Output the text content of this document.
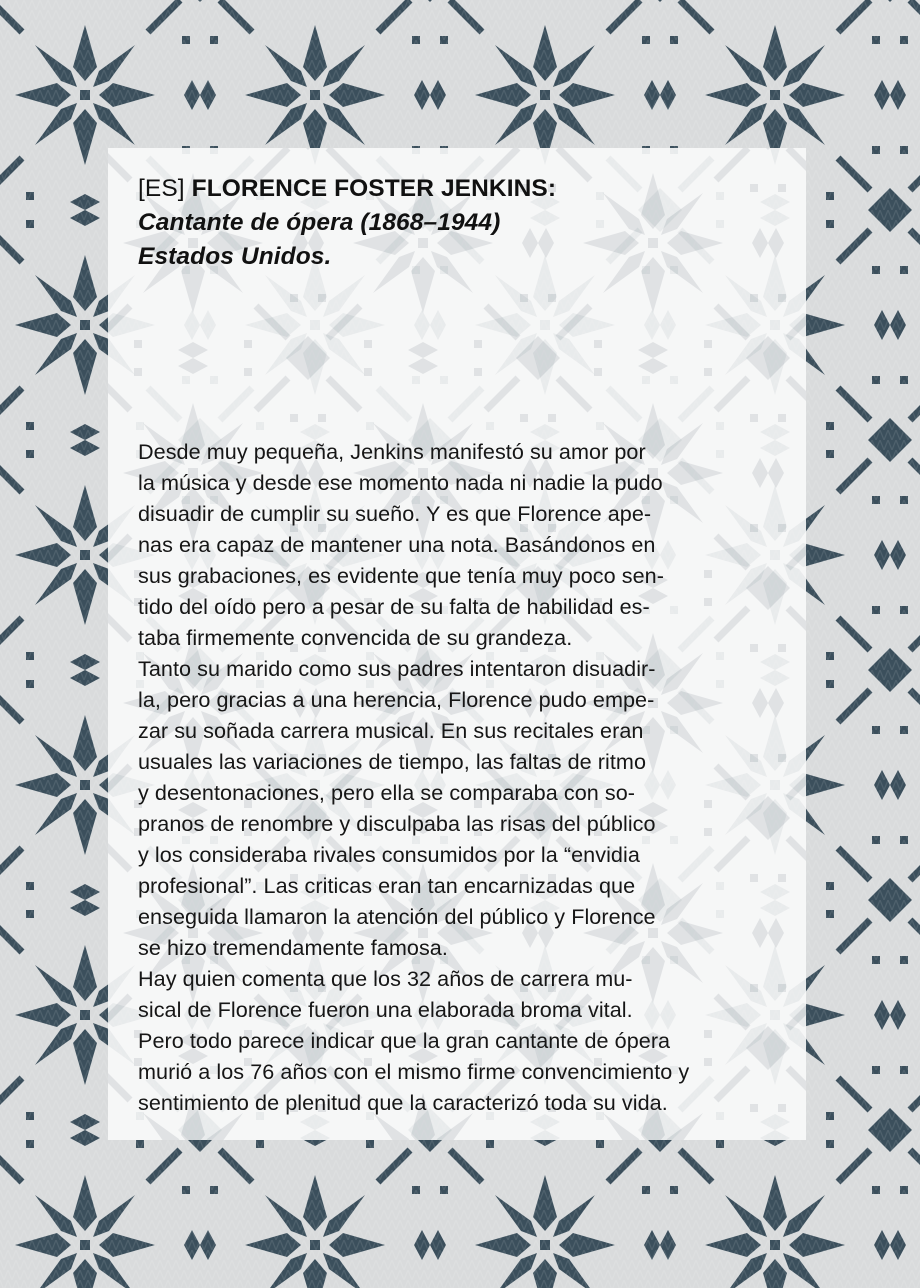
[ES] FLORENCE FOSTER JENKINS:
Cantante de ópera (1868–1944)
Estados Unidos.
Desde muy pequeña, Jenkins manifestó su amor por
la música y desde ese momento nada ni nadie la pudo
disuadir de cumplir su sueño. Y es que Florence ape-
nas era capaz de mantener una nota. Basándonos en
sus grabaciones, es evidente que tenía muy poco sen-
tido del oído pero a pesar de su falta de habilidad es-
taba firmemente convencida de su grandeza.
Tanto su marido como sus padres intentaron disuadir-
la, pero gracias a una herencia, Florence pudo empe-
zar su soñada carrera musical. En sus recitales eran
usuales las variaciones de tiempo, las faltas de ritmo
y desentonaciones, pero ella se comparaba con so-
pranos de renombre y disculpaba las risas del público
y los consideraba rivales consumidos por la “envidia
profesional”. Las criticas eran tan encarnizadas que
enseguida llamaron la atención del público y Florence
se hizo tremendamente famosa.
Hay quien comenta que los 32 años de carrera mu-
sical de Florence fueron una elaborada broma vital.
Pero todo parece indicar que la gran cantante de ópera
murió a los 76 años con el mismo firme convencimiento y
sentimiento de plenitud que la caracterizó toda su vida.
